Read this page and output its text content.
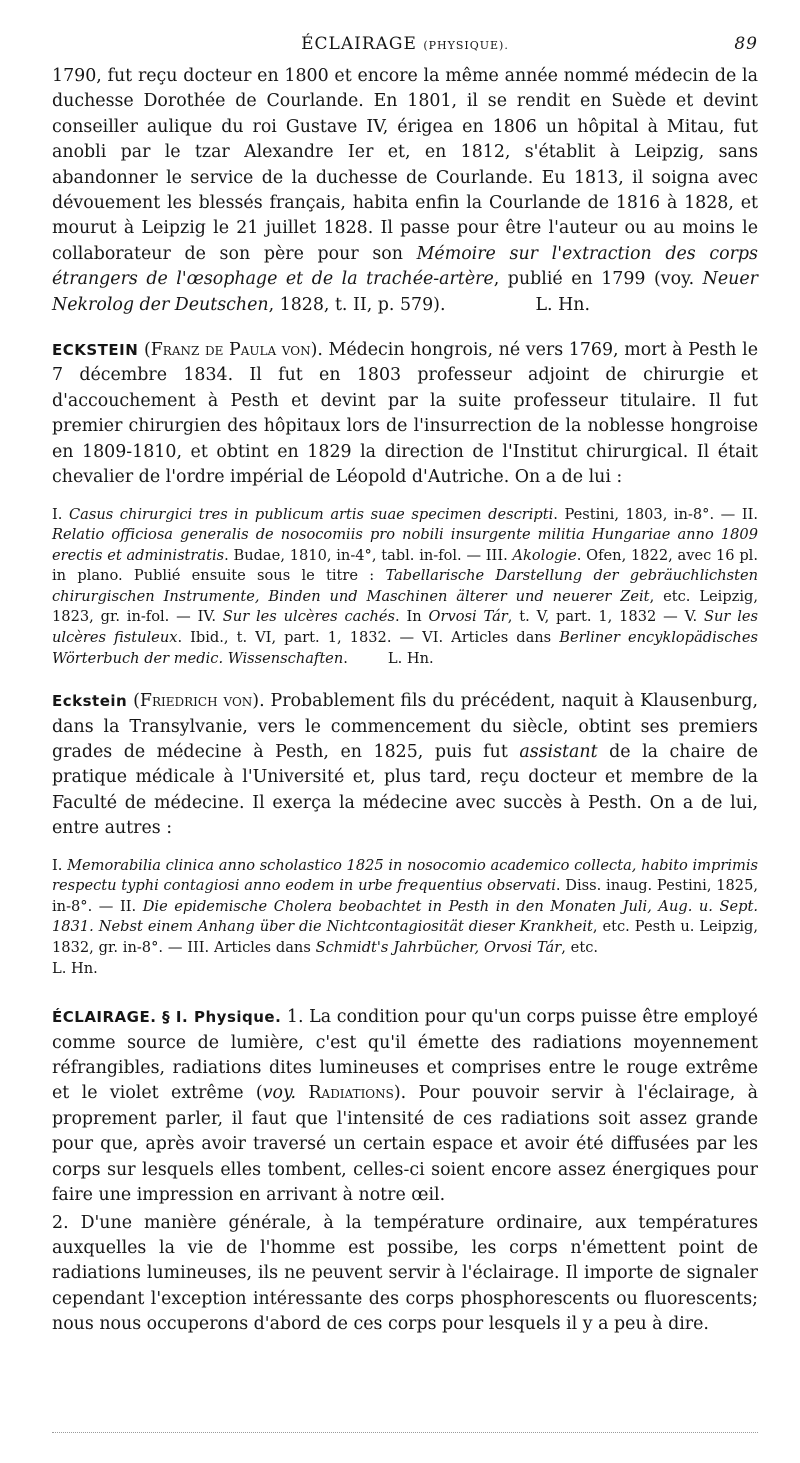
ÉCLAIRAGE (PHYSIQUE).	89

1790, fut reçu docteur en 1800 et encore la même année nommé médecin de la duchesse Dorothée de Courlande. En 1801, il se rendit en Suède et devint conseiller aulique du roi Gustave IV, érigea en 1806 un hôpital à Mitau, fut anobli par le tzar Alexandre Ier et, en 1812, s'établit à Leipzig, sans abandonner le service de la duchesse de Courlande. Eu 1813, il soigna avec dévouement les blessés français, habita enfin la Courlande de 1816 à 1828, et mourut à Leipzig le 21 juillet 1828. Il passe pour être l'auteur ou au moins le collaborateur de son père pour son Mémoire sur l'extraction des corps étrangers de l'œsophage et de la trachée-artère, publié en 1799 (voy. Neuer Nekrolog der Deutschen, 1828, t. II, p. 579).	L. Hn.

ECKSTEIN (Franz de Paula von). Médecin hongrois, né vers 1769, mort à Pesth le 7 décembre 1834. Il fut en 1803 professeur adjoint de chirurgie et d'accouchement à Pesth et devint par la suite professeur titulaire. Il fut premier chirurgien des hôpitaux lors de l'insurrection de la noblesse hongroise en 1809-1810, et obtint en 1829 la direction de l'Institut chirurgical. Il était chevalier de l'ordre impérial de Léopold d'Autriche. On a de lui :

I. Casus chirurgici tres in publicum artis suae specimen descripti. Pestini, 1803, in-8°. — II. Relatio officiosa generalis de nosocomiis pro nobili insurgente militia Hungariae anno 1809 erectis et administratis. Budae, 1810, in-4°, tabl. in-fol. — III. Akologie. Ofen, 1822, avec 16 pl. in plano. Publié ensuite sous le titre : Tabellarische Darstellung der gebräuchlichsten chirurgischen Instrumente, Binden und Maschinen älterer und neuerer Zeit, etc. Leipzig, 1823, gr. in-fol. — IV. Sur les ulcères cachés. In Orvosi Tár, t. V, part. 1, 1832 — V. Sur les ulcères fistuleux. Ibid., t. VI, part. 1, 1832. — VI. Articles dans Berliner encyklopädisches Wörterbuch der medic. Wissenschaften.	L. Hn.

Eckstein (Friedrich von). Probablement fils du précédent, naquit à Klausenburg, dans la Transylvanie, vers le commencement du siècle, obtint ses premiers grades de médecine à Pesth, en 1825, puis fut assistant de la chaire de pratique médicale à l'Université et, plus tard, reçu docteur et membre de la Faculté de médecine. Il exerça la médecine avec succès à Pesth. On a de lui, entre autres :

I. Memorabilia clinica anno scholastico 1825 in nosocomio academico collecta, habito imprimis respectu typhi contagiosi anno eodem in urbe frequentius observati. Diss. inaug. Pestini, 1825, in-8°. — II. Die epidemische Cholera beobachtet in Pesth in den Monaten Juli, Aug. u. Sept. 1831. Nebst einem Anhang über die Nichtcontagiosität dieser Krankheit, etc. Pesth u. Leipzig, 1832, gr. in-8°. — III. Articles dans Schmidt's Jahrbücher, Orvosi Tár, etc.L. Hn.

ÉCLAIRAGE. § I. Physique. 1. La condition pour qu'un corps puisse être employé comme source de lumière, c'est qu'il émette des radiations moyennement réfrangibles, radiations dites lumineuses et comprises entre le rouge extrême et le violet extrême (voy. Radiations). Pour pouvoir servir à l'éclairage, à proprement parler, il faut que l'intensité de ces radiations soit assez grande pour que, après avoir traversé un certain espace et avoir été diffusées par les corps sur lesquels elles tombent, celles-ci soient encore assez énergiques pour faire une impression en arrivant à notre œil.

2. D'une manière générale, à la température ordinaire, aux températures auxquelles la vie de l'homme est possibe, les corps n'émettent point de radiations lumineuses, ils ne peuvent servir à l'éclairage. Il importe de signaler cependant l'exception intéressante des corps phosphorescents ou fluorescents; nous nous occuperons d'abord de ces corps pour lesquels il y a peu à dire.
